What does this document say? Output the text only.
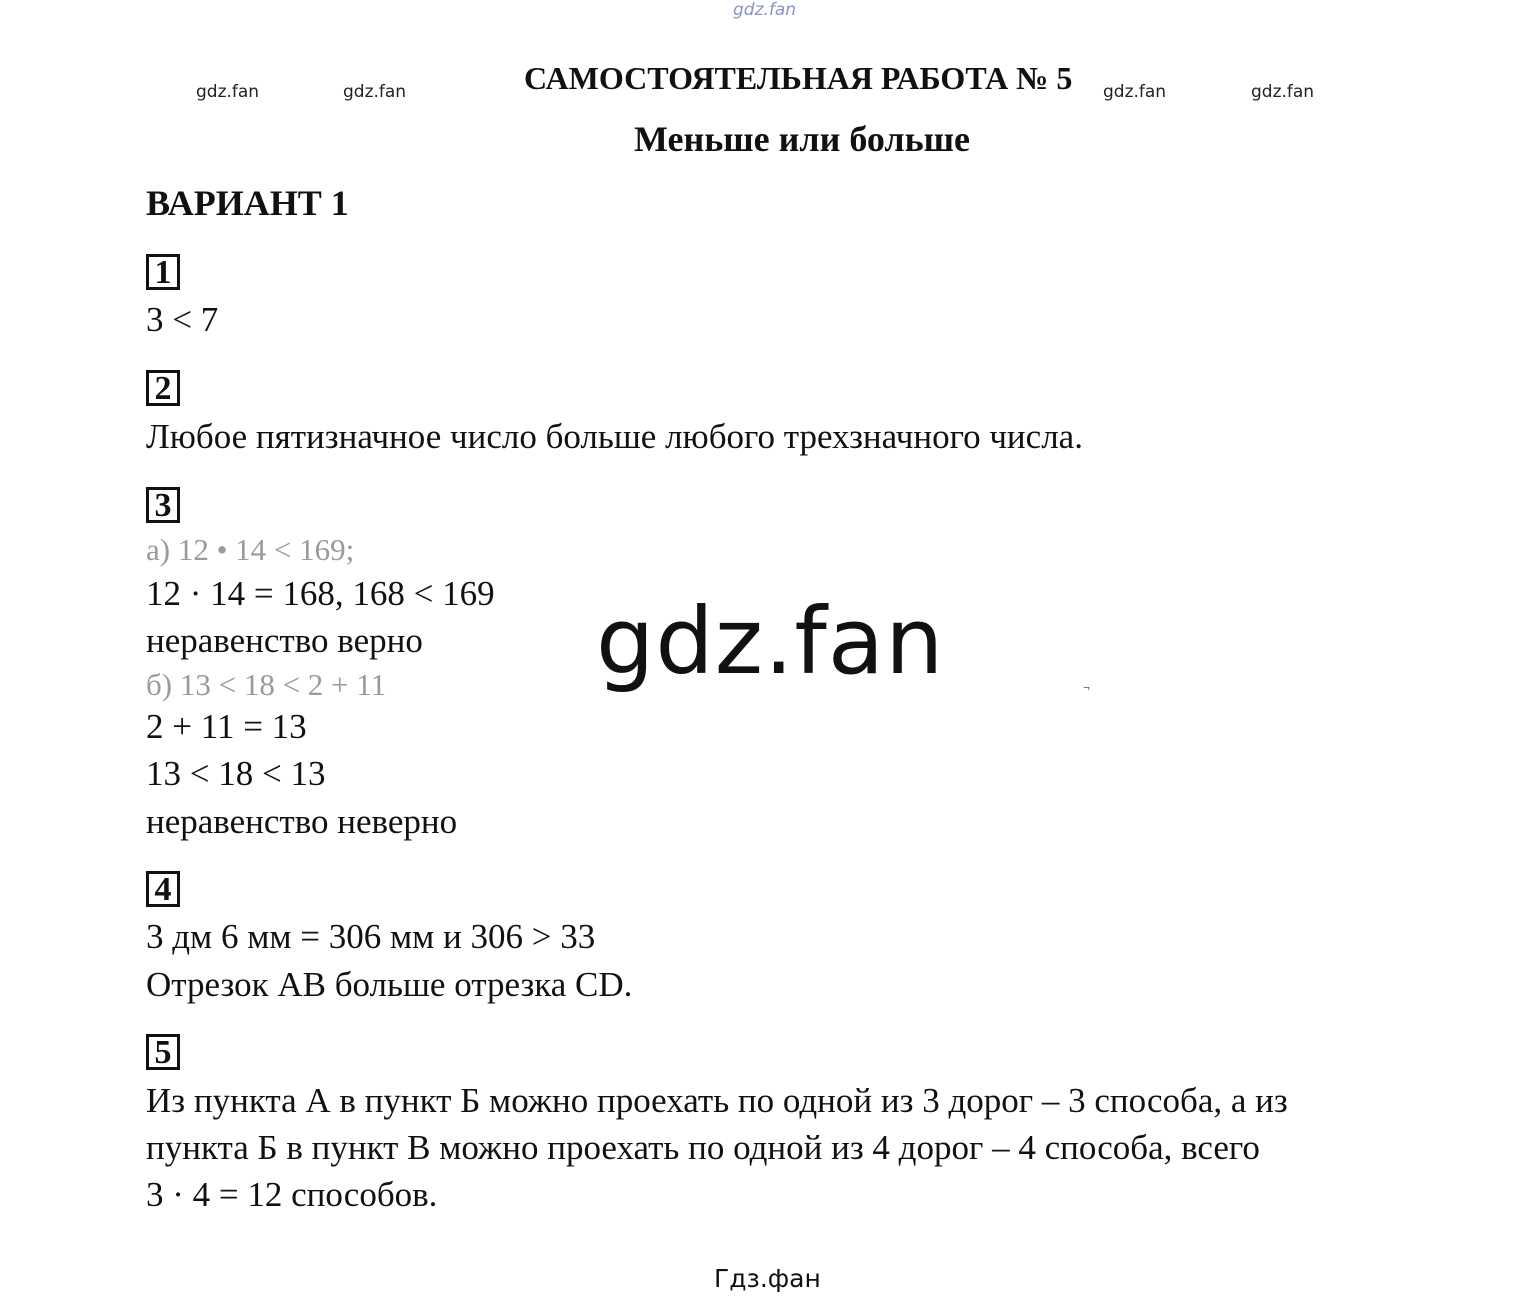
gdz.fan
gdz.fan	gdz.fan	gdz.fan	gdz.fan
САМОСТОЯТЕЛЬНАЯ РАБОТА № 5
Меньше или больше
ВАРИАНТ 1
1
3 < 7
2
Любое пятизначное число больше любого трехзначного числа.
3
а) 12 • 14 < 169;
12 · 14 = 168, 168 < 169
неравенство верно
б) 13 < 18 < 2 + 11
2 + 11 = 13
13 < 18 < 13
неравенство неверно
4
3 дм 6 мм = 306 мм и 306 > 33
Отрезок АВ больше отрезка CD.
5
Из пункта А в пункт Б можно проехать по одной из 3 дорог – 3 способа, а из
пункта Б в пункт В можно проехать по одной из 4 дорог – 4 способа, всего
3 · 4 = 12 способов.
gdz.fan	¬
Гдз.фан
